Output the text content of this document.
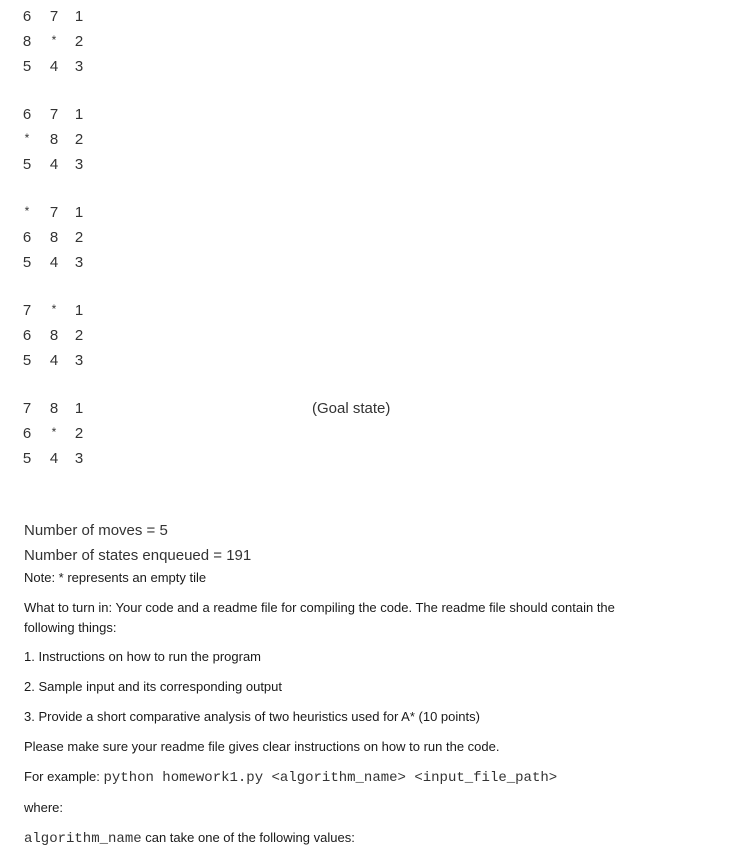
6	7	1
8	*	2
5	4	3
6	7	1
*	8	2
5	4	3
*	7	1
6	8	2
5	4	3
7	*	1
6	8	2
5	4	3
7	8	1
6	*	2
5	4	3
(Goal state)
Number of moves = 5
Number of states enqueued = 191
Note: * represents an empty tile
What to turn in: Your code and a readme file for compiling the code. The readme file should contain the following things:
1. Instructions on how to run the program
2. Sample input and its corresponding output
3. Provide a short comparative analysis of two heuristics used for A* (10 points)
Please make sure your readme file gives clear instructions on how to run the code.
For example: python homework1.py <algorithm_name> <input_file_path>
where:
algorithm_name can take one of the following values:
